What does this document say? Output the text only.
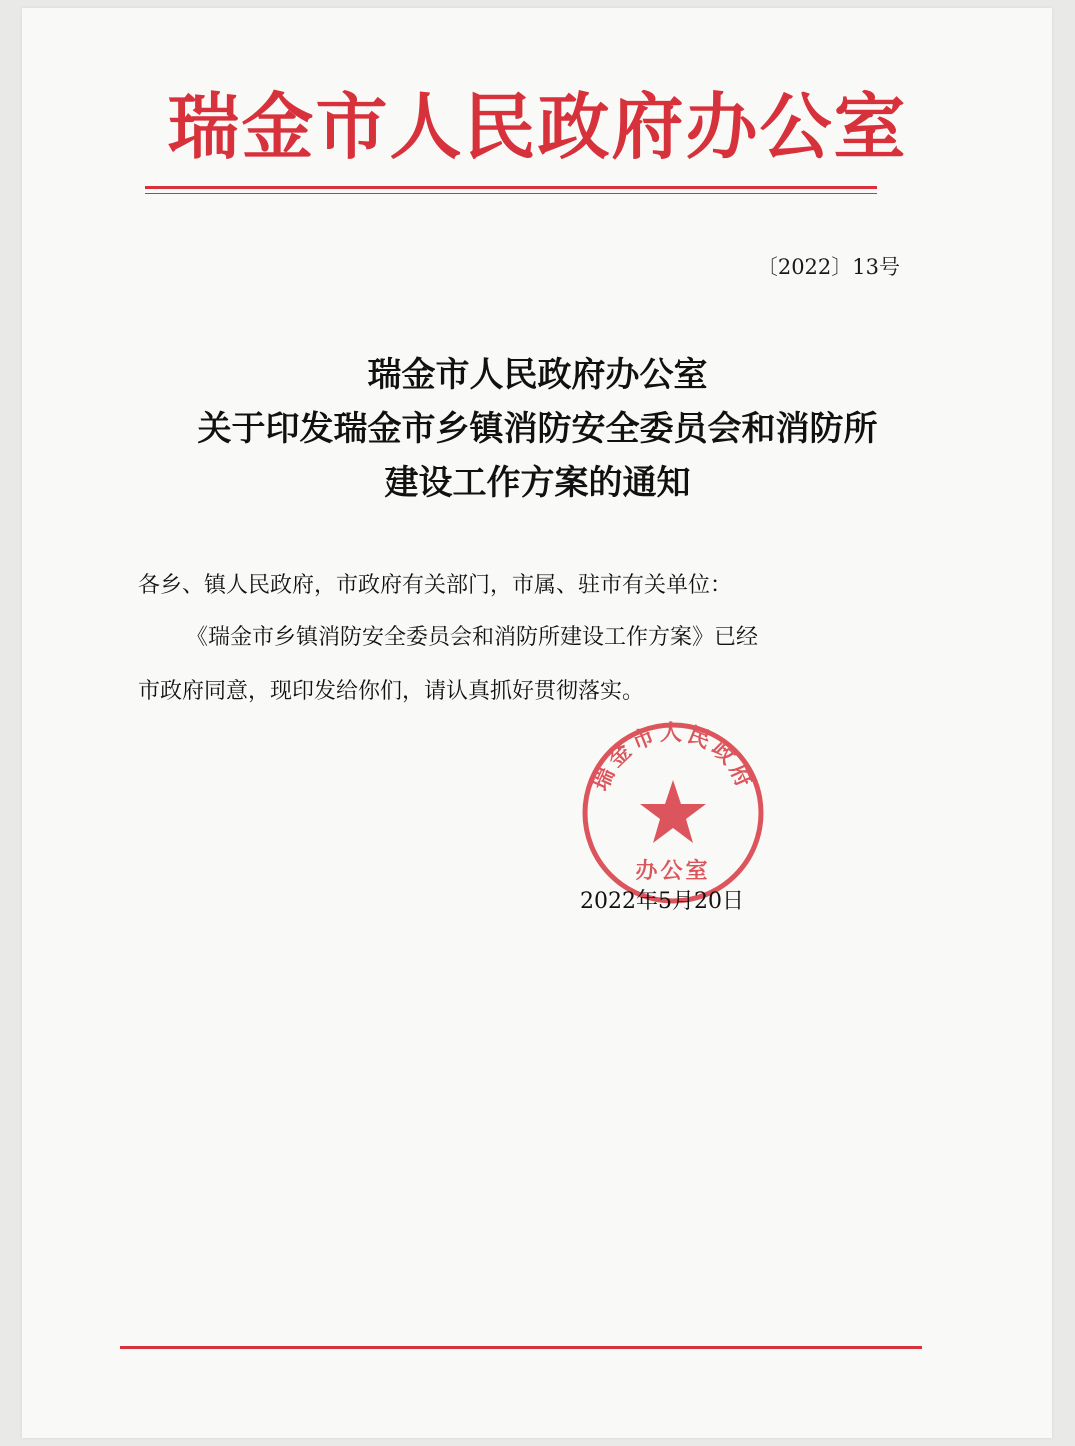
瑞金市人民政府办公室
〔2022〕13号
瑞金市人民政府办公室
关于印发瑞金市乡镇消防安全委员会和消防所
建设工作方案的通知
各乡、镇人民政府，市政府有关部门，市属、驻市有关单位：
《瑞金市乡镇消防安全委员会和消防所建设工作方案》已经
市政府同意，现印发给你们，请认真抓好贯彻落实。
瑞金市人民政府
办公室
2022年5月20日
